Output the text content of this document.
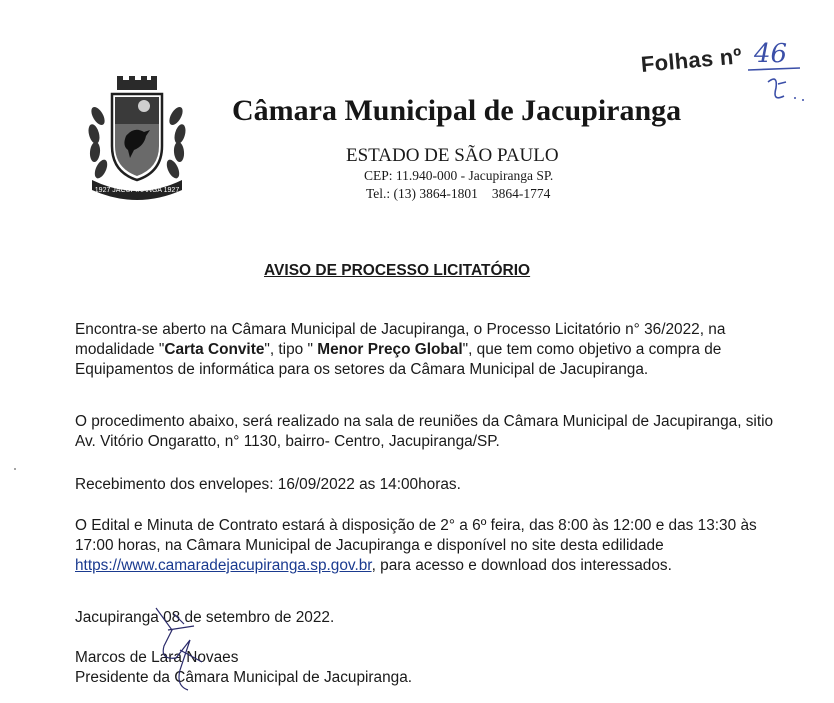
1927 JACUPIRANGA 1927
Câmara Municipal de Jacupiranga

ESTADO DE SÃO PAULO

CEP: 11.940-000 - Jacupiranga SP.

Tel.: (13) 3864-1801 3864-1774

Folhas nº 46
AVISO DE PROCESSO LICITATÓRIO

Encontra-se aberto na Câmara Municipal de Jacupiranga, o Processo Licitatório n° 36/2022, na modalidade "Carta Convite", tipo " Menor Preço Global", que tem como objetivo a compra de Equipamentos de informática para os setores da Câmara Municipal de Jacupiranga.

O procedimento abaixo, será realizado na sala de reuniões da Câmara Municipal de Jacupiranga, sitio Av. Vitório Ongaratto, n° 1130, bairro- Centro, Jacupiranga/SP.

Recebimento dos envelopes: 16/09/2022 as 14:00horas.

O Edital e Minuta de Contrato estará à disposição de 2° a 6º feira, das 8:00 às 12:00 e das 13:30 às 17:00 horas, na Câmara Municipal de Jacupiranga e disponível no site desta edilidade https://www.camaradejacupiranga.sp.gov.br, para acesso e download dos interessados.

Jacupiranga 08 de setembro de 2022.

Marcos de Lara Novaes
Presidente da Câmara Municipal de Jacupiranga.
